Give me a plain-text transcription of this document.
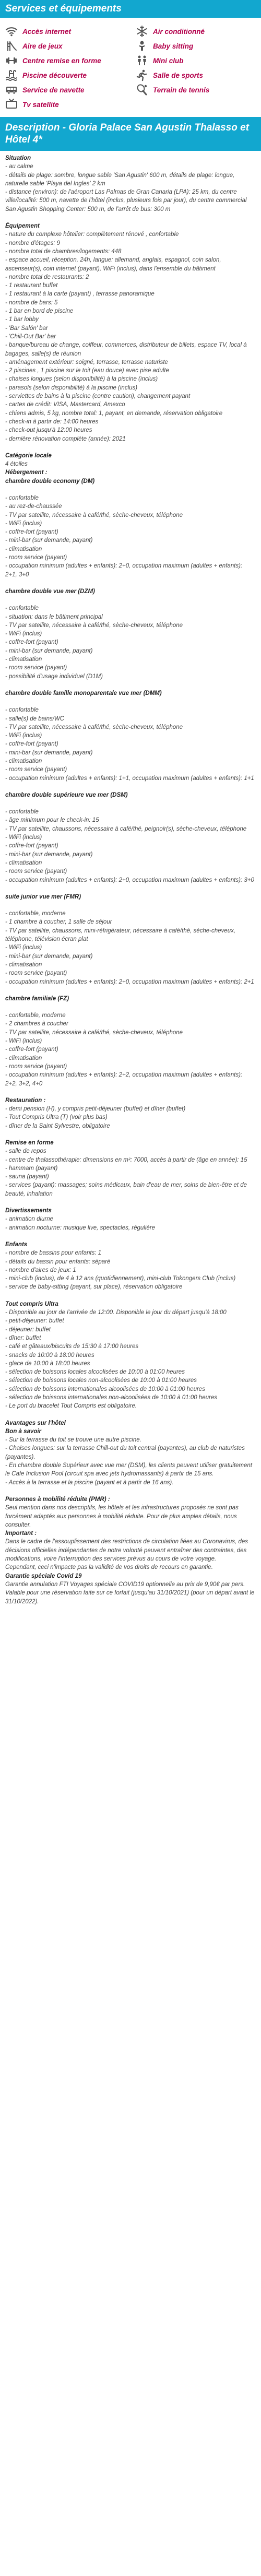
Services et équipements
Accès internet	Air conditionné
Aire de jeux	Baby sitting
Centre remise en forme	Mini club
Piscine découverte	Salle de sports
Service de navette	Terrain de tennis
Tv satellite
Description - Gloria Palace San Agustin Thalasso et Hôtel 4*

Situation

- au calme

- détails de plage: sombre, longue sable 'San Agustin' 600 m, détails de plage: longue, naturelle sable 'Playa del Ingles' 2 km

- distance (environ): de l'aéroport Las Palmas de Gran Canaria (LPA): 25 km, du centre ville/localité: 500 m, navette de l'hôtel (inclus, plusieurs fois par jour), du centre commercial San Agustin Shopping Center: 500 m, de l'arrêt de bus: 300 m

Équipement

- nature du complexe hôtelier: complètement rénové , confortable

- nombre d'étages: 9

- nombre total de chambres/logements: 448

- espace accueil, réception, 24h, langue: allemand, anglais, espagnol, coin salon, ascenseur(s), coin internet (payant), WiFi (inclus), dans l'ensemble du bâtiment

- nombre total de restaurants: 2

- 1 restaurant buffet

- 1 restaurant à la carte (payant) , terrasse panoramique

- nombre de bars: 5

- 1 bar en bord de piscine

- 1 bar lobby

- 'Bar Salón' bar

- 'Chill-Out Bar' bar

- banque/bureau de change, coiffeur, commerces, distributeur de billets, espace TV, local à bagages, salle(s) de réunion

- aménagement extérieur: soigné, terrasse, terrasse naturiste

- 2 piscines , 1 piscine sur le toit (eau douce) avec pise adulte

- chaises longues (selon disponibilité) à la piscine (inclus)

- parasols (selon disponibilité) à la piscine (inclus)

- serviettes de bains à la piscine (contre caution), changement payant

- cartes de crédit: VISA, Mastercard, Amexco

- chiens admis, 5 kg, nombre total: 1, payant, en demande, réservation obligatoire

- check-in à partir de: 14:00 heures

- check-out jusqu'à 12:00 heures

- dernière rénovation complète (année): 2021

Catégorie locale

4 étoiles

Hébergement :

chambre double economy (DM)

- confortable

- au rez-de-chaussée

- TV par satellite, nécessaire à café/thé, sèche-cheveux, téléphone

- WiFi (inclus)

- coffre-fort (payant)

- mini-bar (sur demande, payant)

- climatisation

- room service (payant)

- occupation minimum (adultes + enfants): 2+0, occupation maximum (adultes + enfants): 2+1, 3+0

chambre double vue mer (DZM)

- confortable

- situation: dans le bâtiment principal

- TV par satellite, nécessaire à café/thé, sèche-cheveux, téléphone

- WiFi (inclus)

- coffre-fort (payant)

- mini-bar (sur demande, payant)

- climatisation

- room service (payant)

- possibilité d'usage individuel (D1M)

chambre double famille monoparentale vue mer (DMM)

- confortable

- salle(s) de bains/WC

- TV par satellite, nécessaire à café/thé, sèche-cheveux, téléphone

- WiFi (inclus)

- coffre-fort (payant)

- mini-bar (sur demande, payant)

- climatisation

- room service (payant)

- occupation minimum (adultes + enfants): 1+1, occupation maximum (adultes + enfants): 1+1

chambre double supérieure vue mer (DSM)

- confortable

- âge minimum pour le check-in: 15

- TV par satellite, chaussons, nécessaire à café/thé, peignoir(s), sèche-cheveux, téléphone

- WiFi (inclus)

- coffre-fort (payant)

- mini-bar (sur demande, payant)

- climatisation

- room service (payant)

- occupation minimum (adultes + enfants): 2+0, occupation maximum (adultes + enfants): 3+0

suite junior vue mer (FMR)

- confortable, moderne

- 1 chambre à coucher, 1 salle de séjour

- TV par satellite, chaussons, mini-réfrigérateur, nécessaire à café/thé, sèche-cheveux, téléphone, télévision écran plat

- WiFi (inclus)

- mini-bar (sur demande, payant)

- climatisation

- room service (payant)

- occupation minimum (adultes + enfants): 2+0, occupation maximum (adultes + enfants): 2+1

chambre familiale (FZ)

- confortable, moderne

- 2 chambres à coucher

- TV par satellite, nécessaire à café/thé, sèche-cheveux, téléphone

- WiFi (inclus)

- coffre-fort (payant)

- climatisation

- room service (payant)

- occupation minimum (adultes + enfants): 2+2, occupation maximum (adultes + enfants): 2+2, 3+2, 4+0

Restauration :

- demi pension (H), y compris petit-déjeuner (buffet) et dîner (buffet)

- Tout Compris Ultra (T) (voir plus bas)

- dîner de la Saint Sylvestre, obligatoire

Remise en forme

- salle de repos

- centre de thalassothérapie: dimensions en m²: 7000, accès à partir de (âge en année): 15

- hammam (payant)

- sauna (payant)

- services (payant): massages; soins médicaux, bain d'eau de mer, soins de bien-être et de beauté, inhalation

Divertissements

- animation diurne

- animation nocturne: musique live, spectacles, régulière

Enfants

- nombre de bassins pour enfants: 1

- détails du bassin pour enfants: séparé

- nombre d'aires de jeux: 1

- mini-club (inclus), de 4 à 12 ans (quotidiennement), mini-club Tokongers Club (inclus)

- service de baby-sitting (payant, sur place), réservation obligatoire

Tout compris Ultra

- Disponible au jour de l'arrivée de 12:00. Disponible le jour du départ jusqu'à 18:00

- petit-déjeuner: buffet

- déjeuner: buffet

- dîner: buffet

- café et gâteaux/biscuits de 15:30 à 17:00 heures

- snacks de 10:00 à 18:00 heures

- glace de 10:00 à 18:00 heures

- sélection de boissons locales alcoolisées de 10:00 à 01:00 heures

- sélection de boissons locales non-alcoolisées de 10:00 à 01:00 heures

- sélection de boissons internationales alcoolisées de 10:00 à 01:00 heures

- sélection de boissons internationales non-alcoolisées de 10:00 à 01:00 heures

- Le port du bracelet Tout Compris est obligatoire.

Avantages sur l'hôtel

Bon à savoir

- Sur la terrasse du toit se trouve une autre piscine.

- Chaises longues: sur la terrasse Chill-out du toit central (payantes), au club de naturistes (payantes).

- En chambre double Supérieur avec vue mer (DSM), les clients peuvent utiliser gratuitement le Cafe Inclusion Pool (circuit spa avec jets hydromassants) à partir de 15 ans.

- Accès à la terrasse et la piscine (payant et à partir de 16 ans).

Personnes à mobilité réduite (PMR) :

Seul mention dans nos descriptifs, les hôtels et les infrastructures proposés ne sont pas forcément adaptés aux personnes à mobilité réduite. Pour de plus amples détails, nous consulter.

Important :

Dans le cadre de l'assouplissement des restrictions de circulation liées au Coronavirus, des décisions officielles indépendantes de notre volonté peuvent entraîner des contraintes, des modifications, voire l'interruption des services prévus au cours de votre voyage.

Cependant, ceci n'impacte pas la validité de vos droits de recours en garantie.

Garantie spéciale Covid 19

Garantie annulation FTI Voyages spéciale COVID19 optionnelle au prix de 9,90€ par pers. Valable pour une réservation faite sur ce forfait (jusqu'au 31/10/2021) (pour un départ avant le 31/10/2022).
